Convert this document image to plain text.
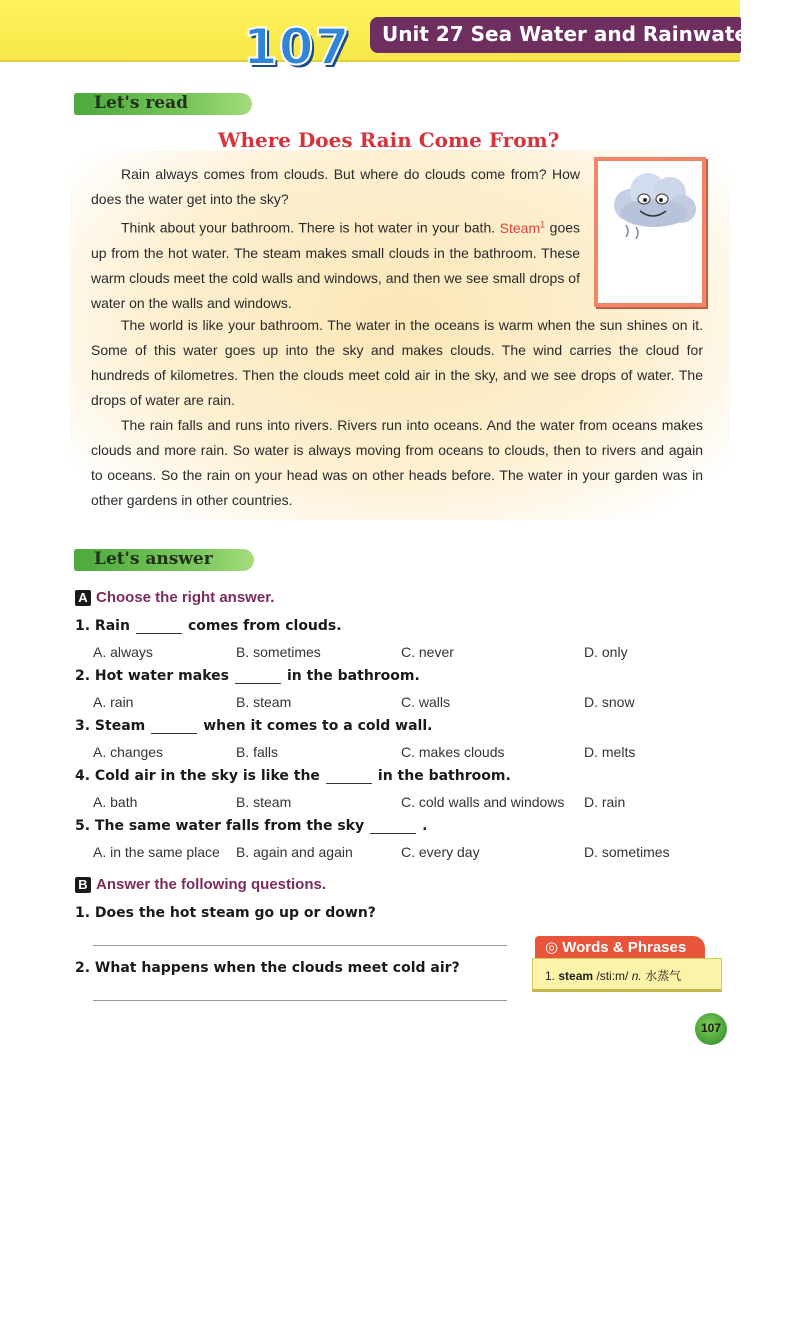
107 Unit 27 Sea Water and Rainwater
Let's read
Where Does Rain Come From?
Rain always comes from clouds. But where do clouds come from? How does the water get into the sky?
Think about your bathroom. There is hot water in your bath. Steam$^1$ goes up from the hot water. The steam makes small clouds in the bathroom. These warm clouds meet the cold walls and windows, and then we see small drops of water on the walls and windows.
The world is like your bathroom. The water in the oceans is warm when the sun shines on it. Some of this water goes up into the sky and makes clouds. The wind carries the cloud for hundreds of kilometres. Then the clouds meet cold air in the sky, and we see drops of water. The drops of water are rain.
The rain falls and runs into rivers. Rivers run into oceans. And the water from oceans makes clouds and more rain. So water is always moving from oceans to clouds, then to rivers and again to oceans. So the rain on your head was on other heads before. The water in your garden was in other gardens in other countries.
Let's answer
A Choose the right answer.
1. Rain	comes from clouds.
A. always	B. sometimes	C. never	D. only
2. Hot water makes	in the bathroom.
A. rain	B. steam	C. walls	D. snow
3. Steam	when it comes to a cold wall.
A. changes	B. falls	C. makes clouds	D. melts
4. Cold air in the sky is like the	in the bathroom.
A. bath	B. steam	C. cold walls and windows D. rain
5. The same water falls from the sky	.
A. in the same place B. again and again	C. every day	D. sometimes
B Answer the following questions.
1. Does the hot steam go up or down?
2. What happens when the clouds meet cold air?
◎ Words & Phrases
1. steam /sti:m/ n. 水蒸气
107
